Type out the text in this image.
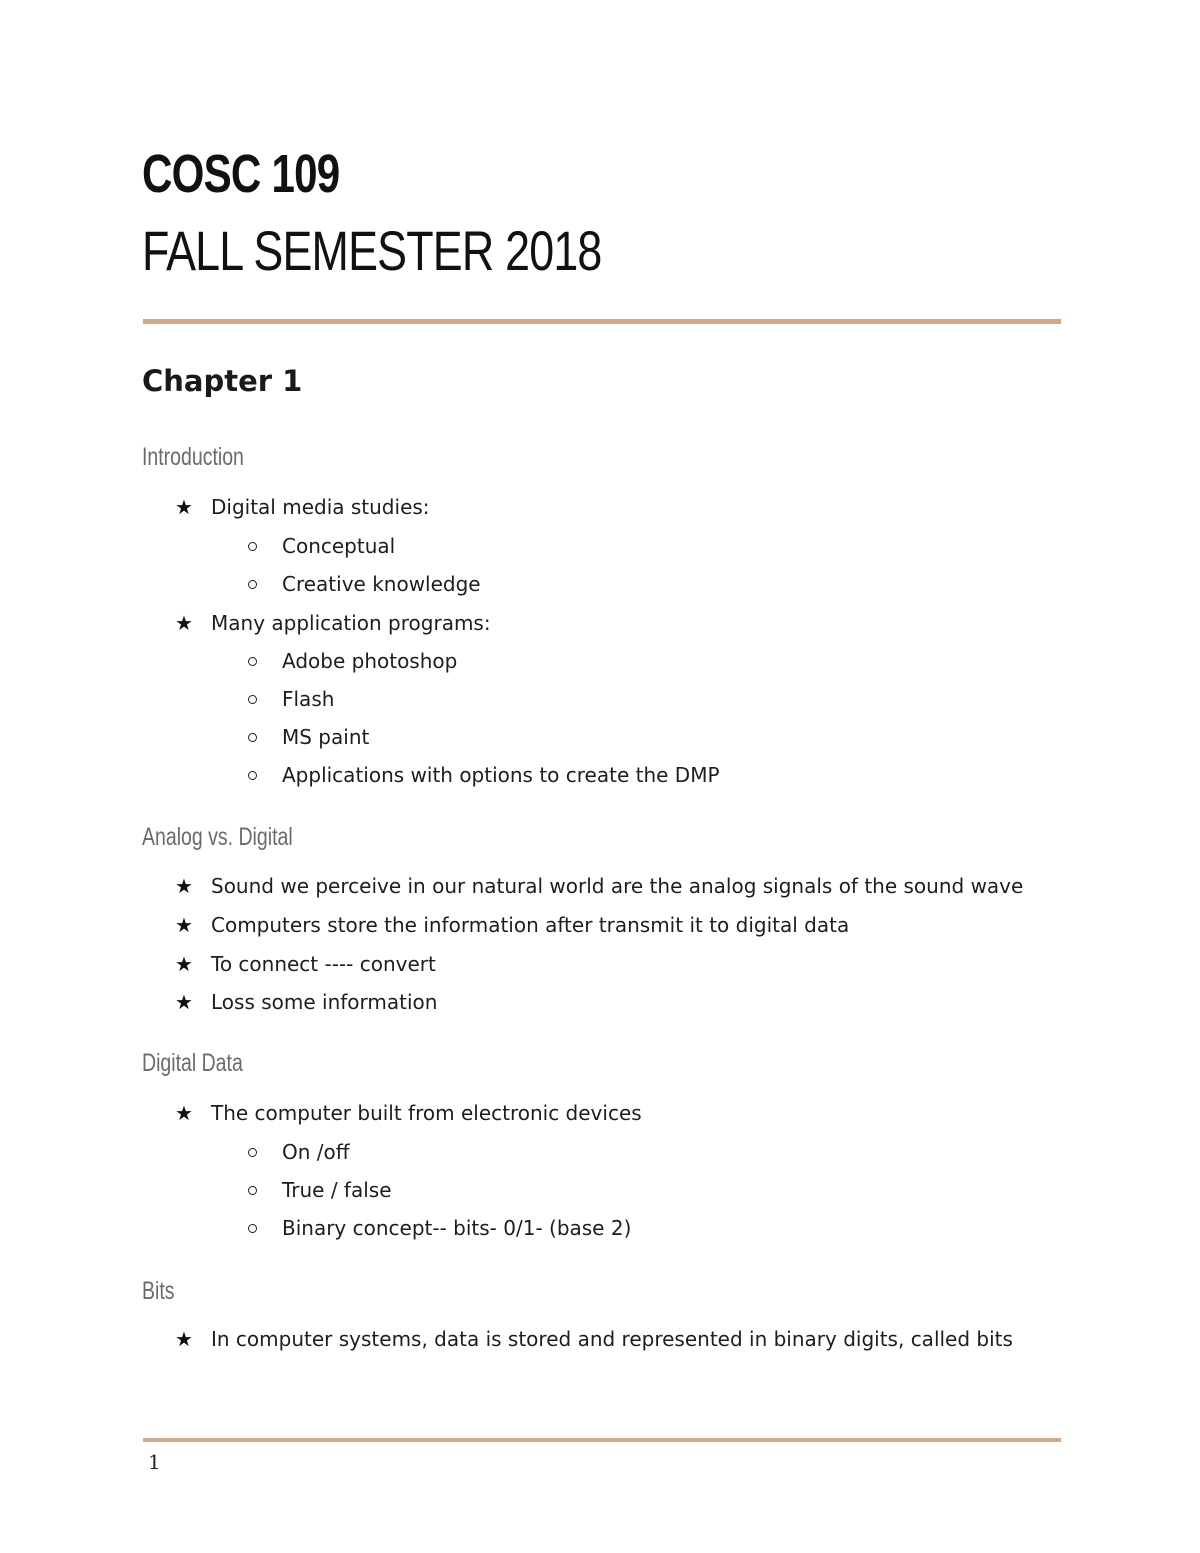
COSC 109
FALL SEMESTER 2018
Chapter 1
Introduction
★ Digital media studies:
Conceptual
Creative knowledge
★ Many application programs:
Adobe photoshop
Flash
MS paint
Applications with options to create the DMP
Analog vs. Digital
★ Sound we perceive in our natural world are the analog signals of the sound wave
★ Computers store the information after transmit it to digital data
★ To connect ---- convert
★ Loss some information
Digital Data
★ The computer built from electronic devices
On /off
True / false
Binary concept-- bits- 0/1- (base 2)
Bits
★ In computer systems, data is stored and represented in binary digits, called bits
1
